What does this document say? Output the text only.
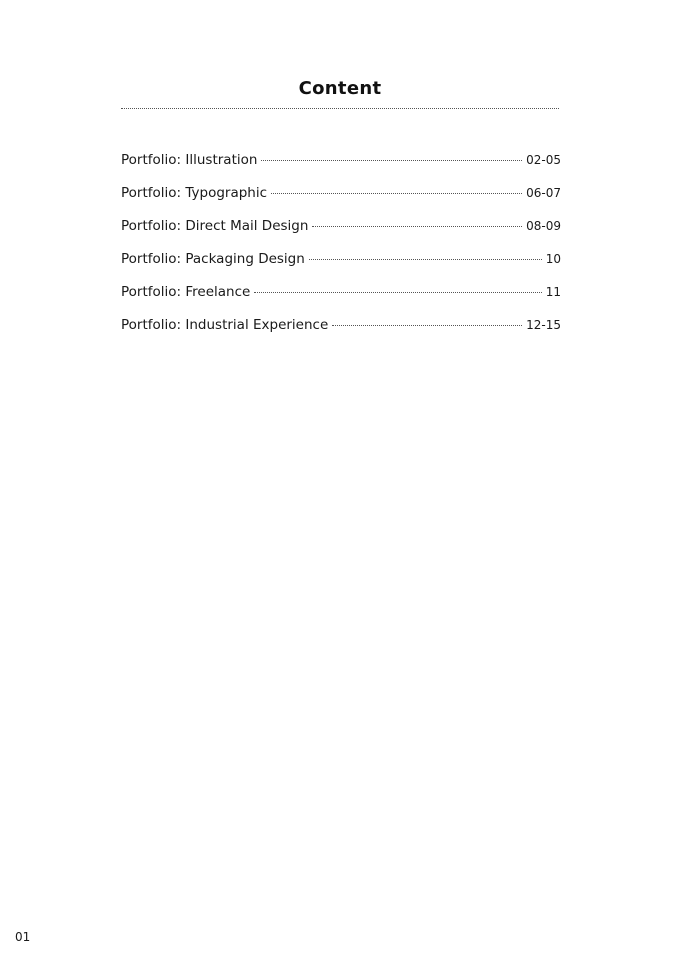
Content
Portfolio: Illustration	02-05
Portfolio: Typographic	06-07
Portfolio: Direct Mail Design	08-09
Portfolio: Packaging Design	10
Portfolio: Freelance	11
Portfolio: Industrial Experience	12-15
01
